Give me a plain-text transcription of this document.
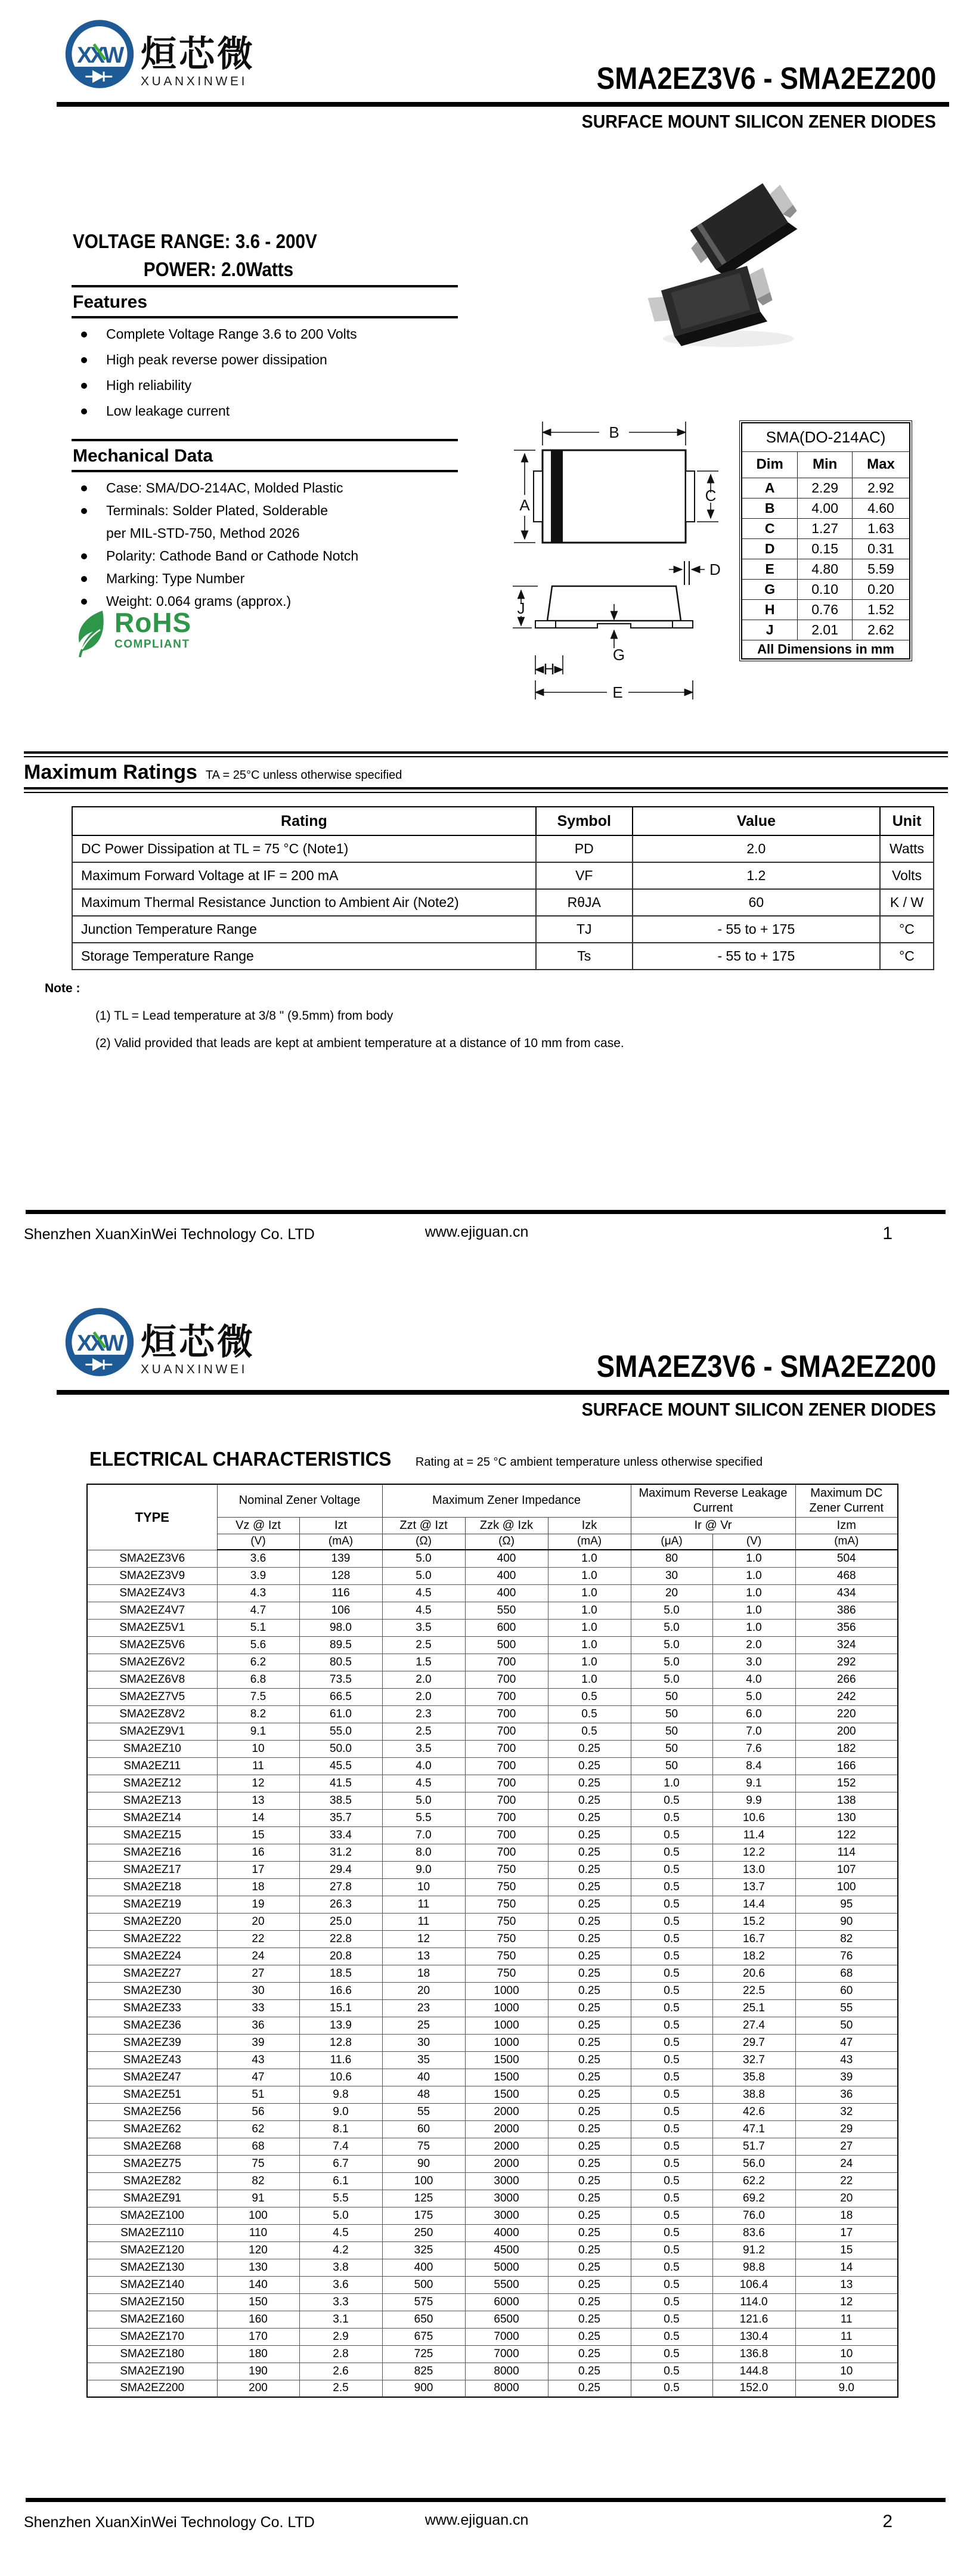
XXW 烜芯微
XUANXINWEI	SMA2EZ3V6 - SMA2EZ200
SURFACE MOUNT SILICON ZENER DIODES
VOLTAGE RANGE: 3.6 - 200V
POWER: 2.0Watts
Features
Complete Voltage Range 3.6 to 200 Volts
High peak reverse power dissipation
High reliability
Low leakage current
Mechanical Data
Case: SMA/DO-214AC, Molded Plastic
Terminals: Solder Plated, Solderable
per MIL-STD-750, Method 2026
Polarity: Cathode Band or Cathode Notch
Marking: Type Number
Weight: 0.064 grams (approx.)
RoHS
COMPLIANT
B
A
C
D
J
G
H
E
SMA(DO-214AC)		
Dim	Min	Max
A	2.29	2.92
B	4.00	4.60
C	1.27	1.63
D	0.15	0.31
E	4.80	5.59
G	0.10	0.20
H	0.76	1.52
J	2.01	2.62
All Dimensions in mm		
Maximum Ratings TA = 25°C unless otherwise specified
Rating	Symbol	Value	Unit
DC Power Dissipation at TL = 75 °C (Note1)	PD	2.0	Watts
Maximum Forward Voltage at IF = 200 mA	VF	1.2	Volts
Maximum Thermal Resistance Junction to Ambient Air (Note2)	RθJA	60	K / W
Junction Temperature Range	TJ	- 55 to + 175	°C
Storage Temperature Range	Ts	- 55 to + 175	°C
Note :
(1) TL = Lead temperature at 3/8 " (9.5mm) from body
(2) Valid provided that leads are kept at ambient temperature at a distance of 10 mm from case.
Shenzhen XuanXinWei Technology Co. LTD	www.ejiguan.cn	1
XXW 烜芯微
XUANXINWEI	SMA2EZ3V6 - SMA2EZ200
SURFACE MOUNT SILICON ZENER DIODES
ELECTRICAL CHARACTERISTICS Rating at = 25 °C ambient temperature unless otherwise specified
TYPE	Nominal Zener Voltage		Maximum Zener Impedance			Maximum Reverse Leakage Current		Maximum DC Zener Current
	Vz @ Izt	Izt	Zzt @ Izt	Zzk @ Izk	Izk	Ir @ Vr		Izm
	(V)	(mA)	(Ω)	(Ω)	(mA)	(μA)	(V)	(mA)
SMA2EZ3V6	3.6	139	5.0	400	1.0	80	1.0	504
SMA2EZ3V9	3.9	128	5.0	400	1.0	30	1.0	468
SMA2EZ4V3	4.3	116	4.5	400	1.0	20	1.0	434
SMA2EZ4V7	4.7	106	4.5	550	1.0	5.0	1.0	386
SMA2EZ5V1	5.1	98.0	3.5	600	1.0	5.0	1.0	356
SMA2EZ5V6	5.6	89.5	2.5	500	1.0	5.0	2.0	324
SMA2EZ6V2	6.2	80.5	1.5	700	1.0	5.0	3.0	292
SMA2EZ6V8	6.8	73.5	2.0	700	1.0	5.0	4.0	266
SMA2EZ7V5	7.5	66.5	2.0	700	0.5	50	5.0	242
SMA2EZ8V2	8.2	61.0	2.3	700	0.5	50	6.0	220
SMA2EZ9V1	9.1	55.0	2.5	700	0.5	50	7.0	200
SMA2EZ10	10	50.0	3.5	700	0.25	50	7.6	182
SMA2EZ11	11	45.5	4.0	700	0.25	50	8.4	166
SMA2EZ12	12	41.5	4.5	700	0.25	1.0	9.1	152
SMA2EZ13	13	38.5	5.0	700	0.25	0.5	9.9	138
SMA2EZ14	14	35.7	5.5	700	0.25	0.5	10.6	130
SMA2EZ15	15	33.4	7.0	700	0.25	0.5	11.4	122
SMA2EZ16	16	31.2	8.0	700	0.25	0.5	12.2	114
SMA2EZ17	17	29.4	9.0	750	0.25	0.5	13.0	107
SMA2EZ18	18	27.8	10	750	0.25	0.5	13.7	100
SMA2EZ19	19	26.3	11	750	0.25	0.5	14.4	95
SMA2EZ20	20	25.0	11	750	0.25	0.5	15.2	90
SMA2EZ22	22	22.8	12	750	0.25	0.5	16.7	82
SMA2EZ24	24	20.8	13	750	0.25	0.5	18.2	76
SMA2EZ27	27	18.5	18	750	0.25	0.5	20.6	68
SMA2EZ30	30	16.6	20	1000	0.25	0.5	22.5	60
SMA2EZ33	33	15.1	23	1000	0.25	0.5	25.1	55
SMA2EZ36	36	13.9	25	1000	0.25	0.5	27.4	50
SMA2EZ39	39	12.8	30	1000	0.25	0.5	29.7	47
SMA2EZ43	43	11.6	35	1500	0.25	0.5	32.7	43
SMA2EZ47	47	10.6	40	1500	0.25	0.5	35.8	39
SMA2EZ51	51	9.8	48	1500	0.25	0.5	38.8	36
SMA2EZ56	56	9.0	55	2000	0.25	0.5	42.6	32
SMA2EZ62	62	8.1	60	2000	0.25	0.5	47.1	29
SMA2EZ68	68	7.4	75	2000	0.25	0.5	51.7	27
SMA2EZ75	75	6.7	90	2000	0.25	0.5	56.0	24
SMA2EZ82	82	6.1	100	3000	0.25	0.5	62.2	22
SMA2EZ91	91	5.5	125	3000	0.25	0.5	69.2	20
SMA2EZ100	100	5.0	175	3000	0.25	0.5	76.0	18
SMA2EZ110	110	4.5	250	4000	0.25	0.5	83.6	17
SMA2EZ120	120	4.2	325	4500	0.25	0.5	91.2	15
SMA2EZ130	130	3.8	400	5000	0.25	0.5	98.8	14
SMA2EZ140	140	3.6	500	5500	0.25	0.5	106.4	13
SMA2EZ150	150	3.3	575	6000	0.25	0.5	114.0	12
SMA2EZ160	160	3.1	650	6500	0.25	0.5	121.6	11
SMA2EZ170	170	2.9	675	7000	0.25	0.5	130.4	11
SMA2EZ180	180	2.8	725	7000	0.25	0.5	136.8	10
SMA2EZ190	190	2.6	825	8000	0.25	0.5	144.8	10
SMA2EZ200	200	2.5	900	8000	0.25	0.5	152.0	9.0
Shenzhen XuanXinWei Technology Co. LTD	www.ejiguan.cn	2
